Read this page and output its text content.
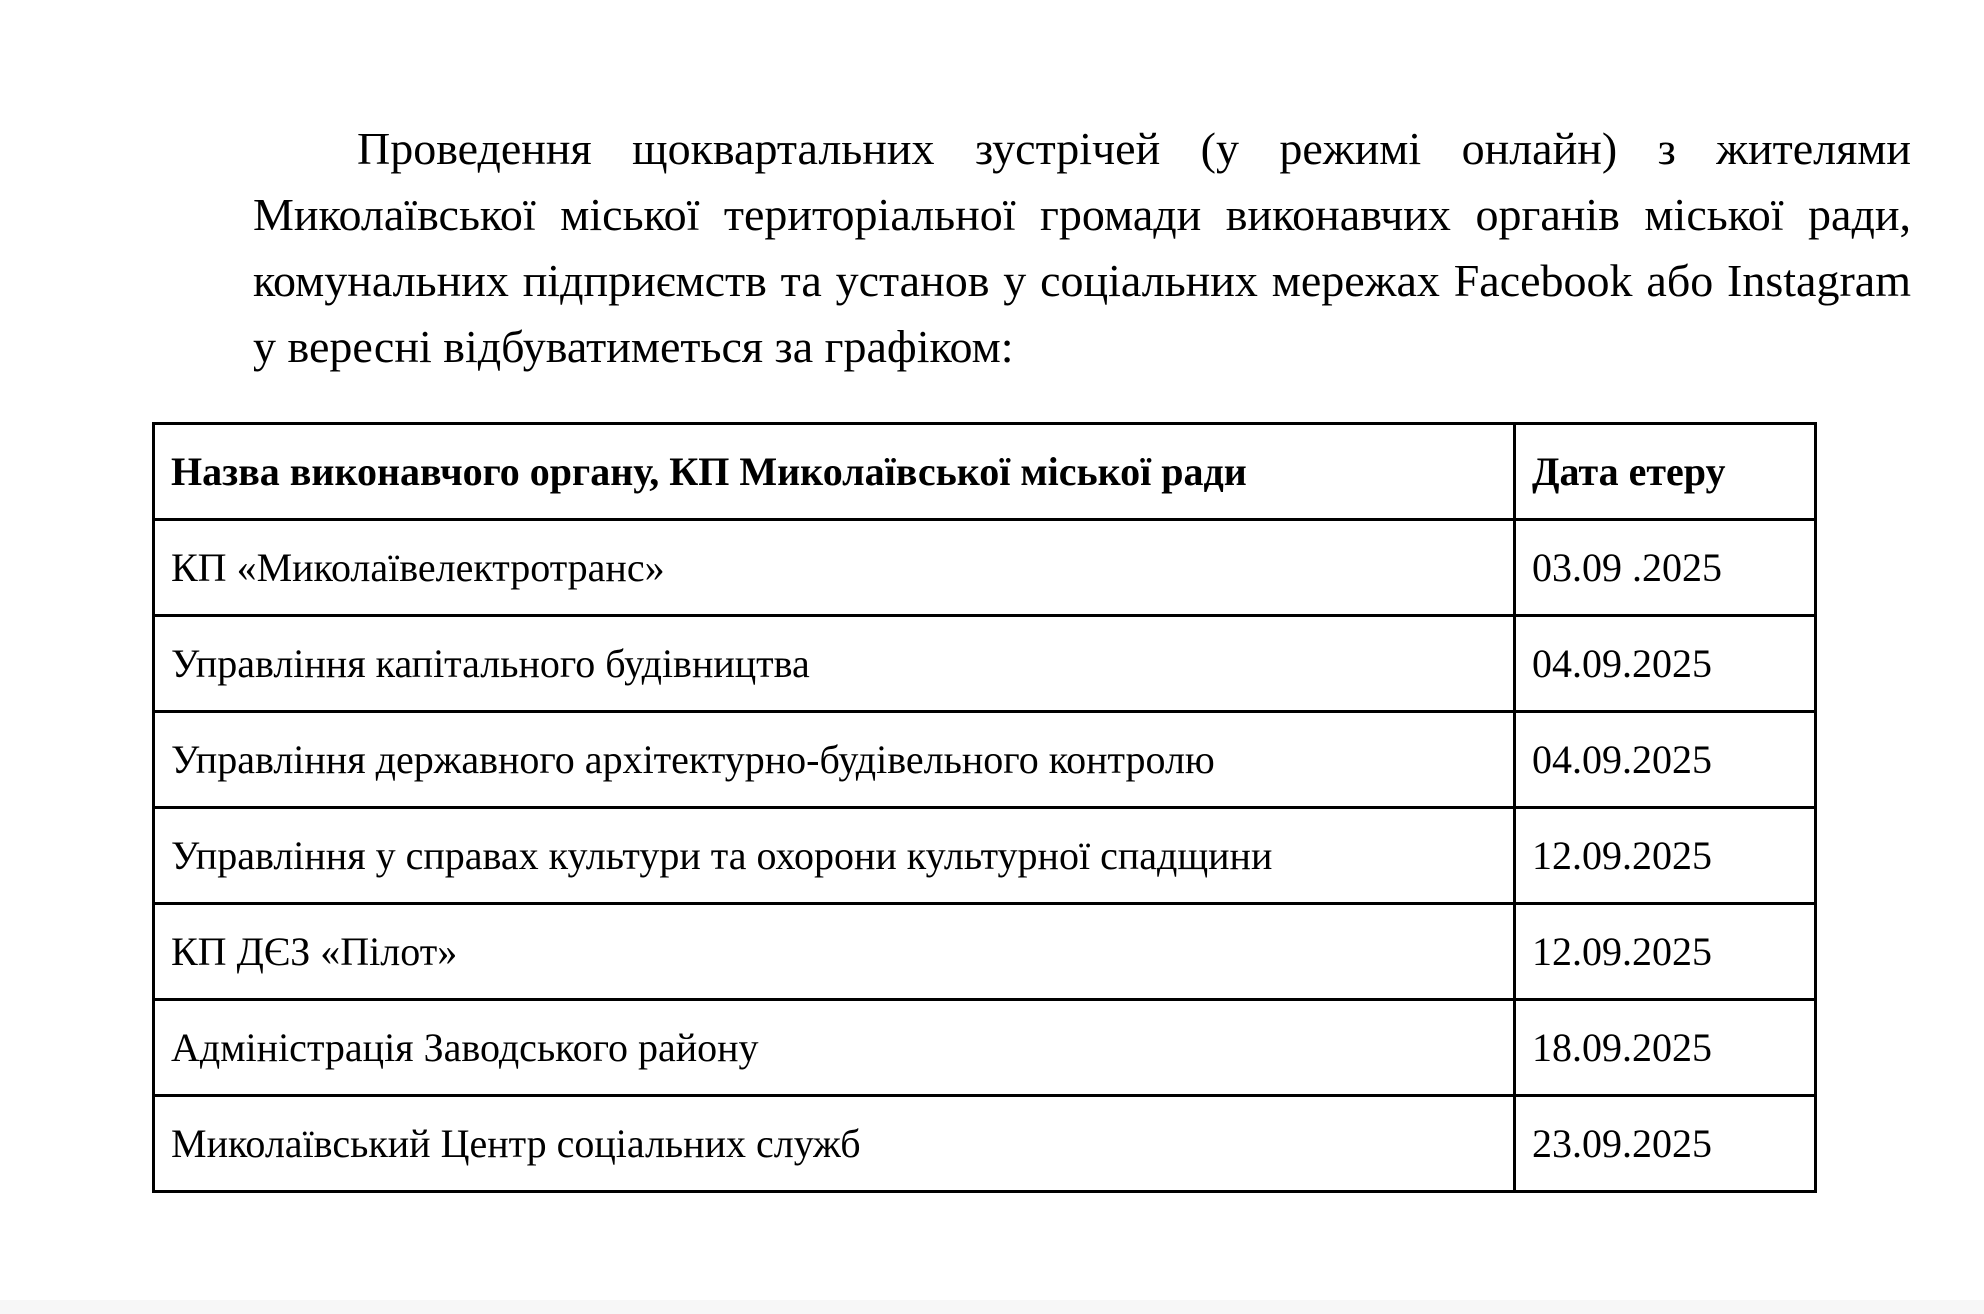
Проведення щоквартальних зустрічей (у режимі онлайн) з жителями Миколаївської міської територіальної громади виконавчих органів міської ради, комунальних підприємств та установ у соціальних мережах Facebook або Instagram у вересні відбуватиметься за графіком:

Назва виконавчого органу, КП Миколаївської міської ради	Дата етеру
КП «Миколаївелектротранс»	03.09 .2025
Управління капітального будівництва	04.09.2025
Управління державного архітектурно-будівельного контролю	04.09.2025
Управління у справах культури та охорони культурної спадщини	12.09.2025
КП ДЄЗ «Пілот»	12.09.2025
Адміністрація Заводського району	18.09.2025
Миколаївський Центр соціальних служб	23.09.2025
